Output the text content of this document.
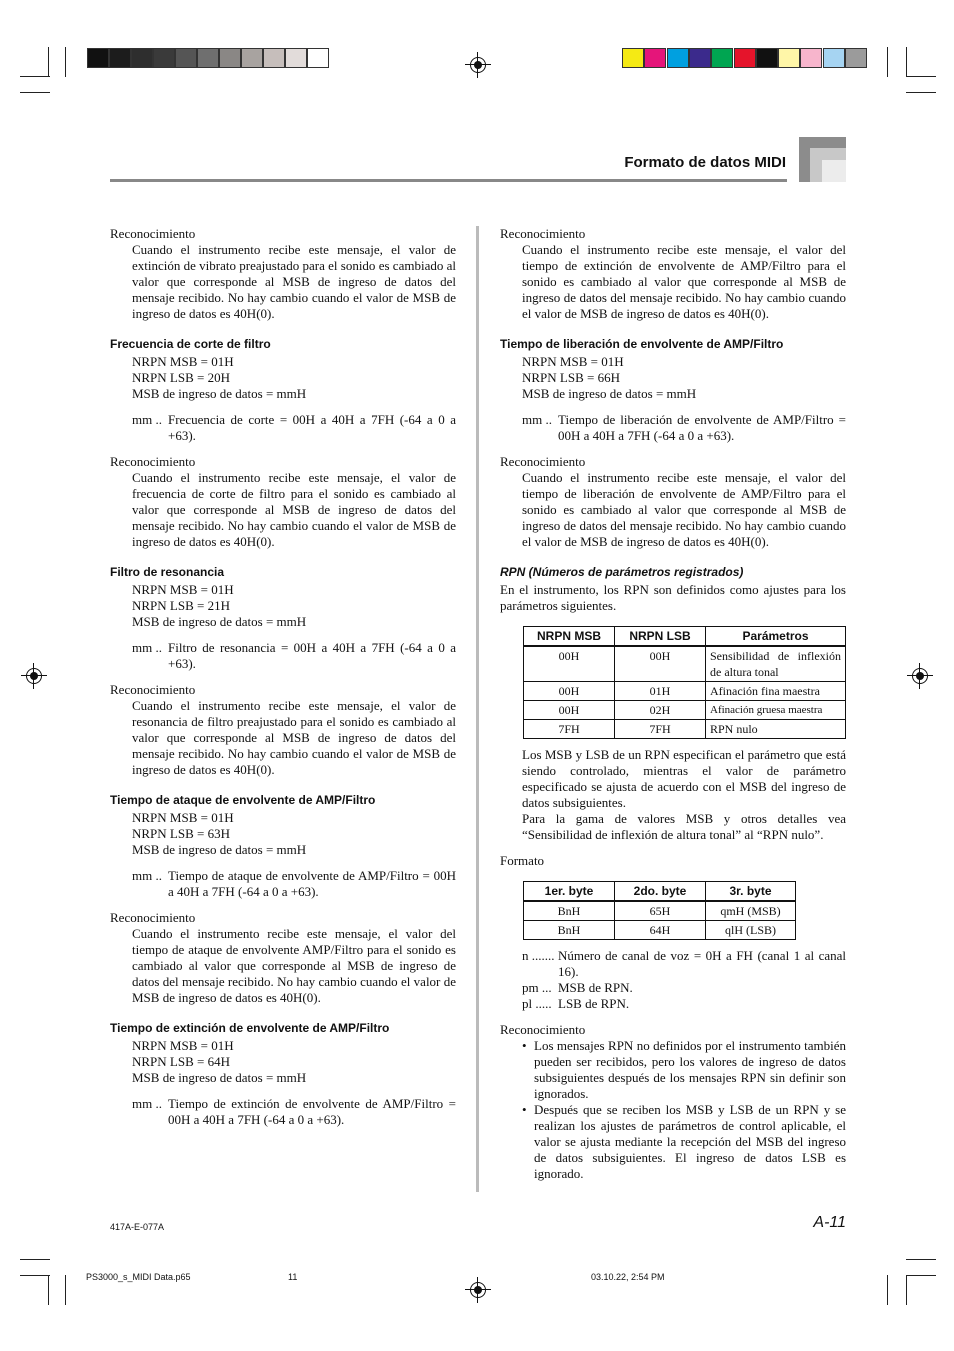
Formato de datos MIDI

Reconocimiento

Cuando el instrumento recibe este mensaje, el valor de extinción de vibrato preajustado para el sonido es cambiado al valor que corresponde al MSB de ingreso de datos del mensaje recibido. No hay cambio cuando el valor de MSB de ingreso de datos es 40H(0).

Frecuencia de corte de filtro

NRPN MSB = 01H

NRPN LSB = 20H

MSB de ingreso de datos = mmH

mm .. Frecuencia de corte = 00H a 40H a 7FH (-64 a 0 a +63).

Reconocimiento

Cuando el instrumento recibe este mensaje, el valor de frecuencia de corte de filtro para el sonido es cambiado al valor que corresponde al MSB de ingreso de datos del mensaje recibido. No hay cambio cuando el valor de MSB de ingreso de datos es 40H(0).

Filtro de resonancia

NRPN MSB = 01H

NRPN LSB = 21H

MSB de ingreso de datos = mmH

mm .. Filtro de resonancia = 00H a 40H a 7FH (-64 a 0 a +63).

Reconocimiento

Cuando el instrumento recibe este mensaje, el valor de resonancia de filtro preajustado para el sonido es cambiado al valor que corresponde al MSB de ingreso de datos del mensaje recibido. No hay cambio cuando el valor de MSB de ingreso de datos es 40H(0).

Tiempo de ataque de envolvente de AMP/Filtro

NRPN MSB = 01H

NRPN LSB = 63H

MSB de ingreso de datos = mmH

mm .. Tiempo de ataque de envolvente de AMP/Filtro = 00H a 40H a 7FH (-64 a 0 a +63).

Reconocimiento

Cuando el instrumento recibe este mensaje, el valor del tiempo de ataque de envolvente AMP/Filtro para el sonido es cambiado al valor que corresponde al MSB de ingreso de datos del mensaje recibido. No hay cambio cuando el valor de MSB de ingreso de datos es 40H(0).

Tiempo de extinción de envolvente de AMP/Filtro

NRPN MSB = 01H

NRPN LSB = 64H

MSB de ingreso de datos = mmH

mm .. Tiempo de extinción de envolvente de AMP/Filtro = 00H a 40H a 7FH (-64 a 0 a +63).

Reconocimiento

Cuando el instrumento recibe este mensaje, el valor del tiempo de extinción de envolvente de AMP/Filtro para el sonido es cambiado al valor que corresponde al MSB de ingreso de datos del mensaje recibido. No hay cambio cuando el valor de MSB de ingreso de datos es 40H(0).

Tiempo de liberación de envolvente de AMP/Filtro

NRPN MSB = 01H

NRPN LSB = 66H

MSB de ingreso de datos = mmH

mm .. Tiempo de liberación de envolvente de AMP/Filtro = 00H a 40H a 7FH (-64 a 0 a +63).

Reconocimiento

Cuando el instrumento recibe este mensaje, el valor del tiempo de liberación de envolvente de AMP/Filtro para el sonido es cambiado al valor que corresponde al MSB de ingreso de datos del mensaje recibido. No hay cambio cuando el valor de MSB de ingreso de datos es 40H(0).

RPN (Números de parámetros registrados)

En el instrumento, los RPN son definidos como ajustes para los parámetros siguientes.

NRPN MSB	NRPN LSB	Parámetros
00H	00H	Sensibilidad de inflexión de altura tonal
00H	01H	Afinación fina maestra
00H	02H	Afinación gruesa maestra
7FH	7FH	RPN nulo

Los MSB y LSB de un RPN especifican el parámetro que está siendo controlado, mientras el valor de parámetro especificado se ajusta de acuerdo con el MSB del ingreso de datos subsiguientes.

Para la gama de valores MSB y otros detalles vea “Sensibilidad de inflexión de altura tonal” al “RPN nulo”.

Formato

1er. byte	2do. byte	3r. byte
BnH	65H	qmH (MSB)
BnH	64H	qlH (LSB)
n ....... Número de canal de voz = 0H a FH (canal 1 al canal 16).
pm ... MSB de RPN.
pl ..... LSB de RPN.

Reconocimiento

• Los mensajes RPN no definidos por el instrumento también pueden ser recibidos, pero los valores de ingreso de datos subsiguientes después de los mensajes RPN sin definir son ignorados.
• Después que se reciben los MSB y LSB de un RPN y se realizan los ajustes de parámetros de control aplicable, el valor se ajusta mediante la recepción del MSB del ingreso de datos subsiguientes. El ingreso de datos LSB es ignorado.
417A-E-077A	A-11
PS3000_s_MIDI Data.p65	11	03.10.22, 2:54 PM
